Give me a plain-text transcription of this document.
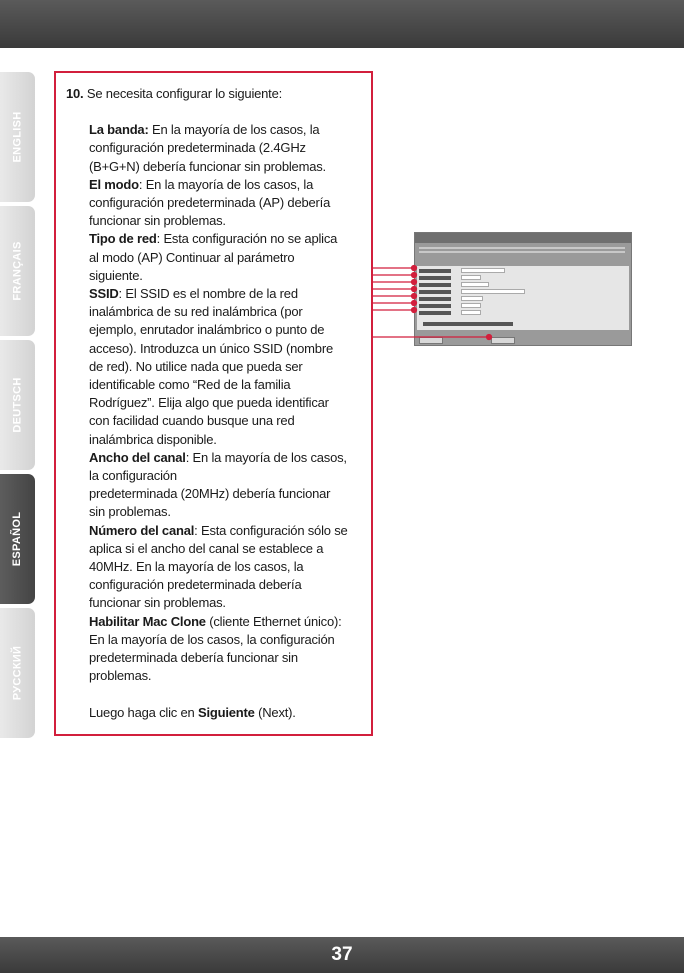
ENGLISH
FRANÇAIS
DEUTSCH
ESPAÑOL
РУССКИЙ

10. Se necesita configurar lo siguiente:

La banda: En la mayoría de los casos, la

configuración predeterminada (2.4GHz

(B+G+N) debería funcionar sin problemas.

El modo: En la mayoría de los casos, la

configuración predeterminada (AP) debería

funcionar sin problemas.

Tipo de red: Esta configuración no se aplica

al modo (AP) Continuar al parámetro

siguiente.

SSID: El SSID es el nombre de la red

inalámbrica de su red inalámbrica (por

ejemplo, enrutador inalámbrico o punto de

acceso). Introduzca un único SSID (nombre

de red). No utilice nada que pueda ser

identificable como “Red de la familia

Rodríguez”. Elija algo que pueda identificar

con facilidad cuando busque una red

inalámbrica disponible.

Ancho del canal: En la mayoría de los casos,

la configuración

predeterminada (20MHz) debería funcionar

sin problemas.

Número del canal: Esta configuración sólo se

aplica si el ancho del canal se establece a

40MHz. En la mayoría de los casos, la

configuración predeterminada debería

funcionar sin problemas.

Habilitar Mac Clone (cliente Ethernet único):

En la mayoría de los casos, la configuración

predeterminada debería funcionar sin

problemas.

Luego haga clic en Siguiente (Next).

37
